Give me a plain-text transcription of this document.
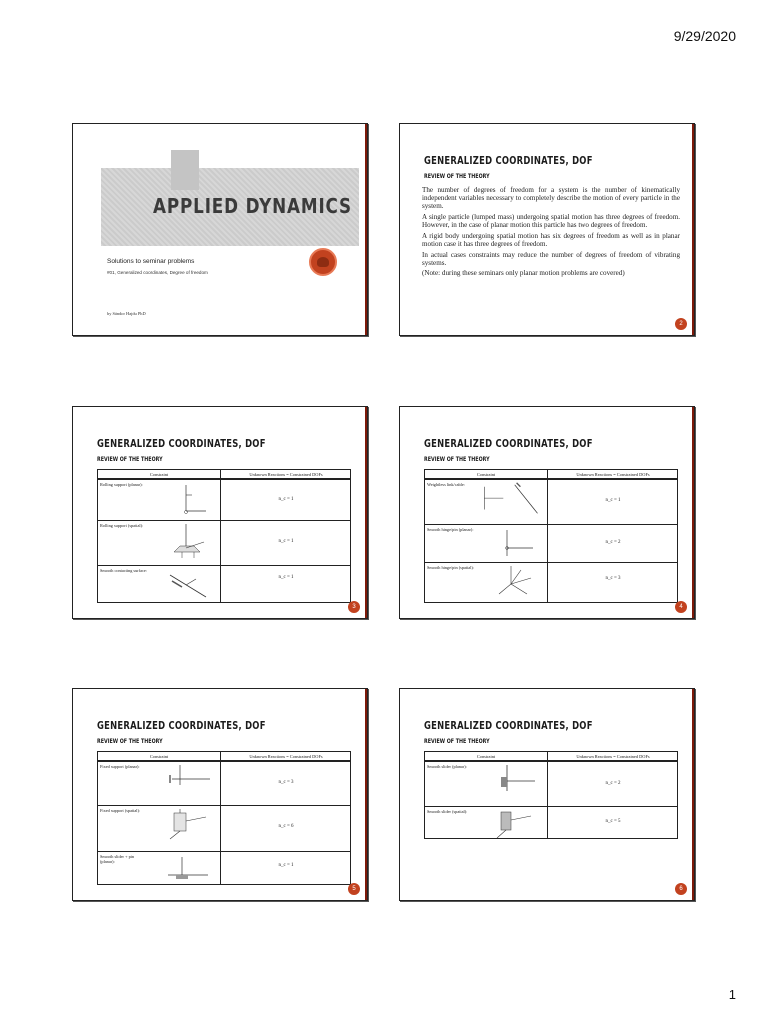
9/29/2020
APPLIED DYNAMICS
Solutions to seminar problems
#01, Generalized coordinates, Degree of freedom
by Sándor Hajdu PhD
GENERALIZED COORDINATES, DOF
REVIEW OF THE THEORY

The number of degrees of freedom for a system is the number of kinematically independent variables necessary to completely describe the motion of every particle in the system.

A single particle (lumped mass) undergoing spatial motion has three degrees of freedom. However, in the case of planar motion this particle has two degrees of freedom.

A rigid body undergoing spatial motion has six degrees of freedom as well as in planar motion case it has three degrees of freedom.

In actual cases constraints may reduce the number of degrees of freedom of vibrating systems.

(Note: during these seminars only planar motion problems are covered)

2
GENERALIZED COORDINATES, DOF
REVIEW OF THE THEORY
Constraint	Unknown Reactions = Constrained DOFs
Rolling support (planar):
n_c = 1
Rolling support (spatial):
n_c = 1
Smooth contacting surface:
n_c = 1
3
GENERALIZED COORDINATES, DOF
REVIEW OF THE THEORY
Constraint	Unknown Reactions = Constrained DOFs
Weightless link/cable:
n_c = 1
Smooth hinge/pin (planar):
n_c = 2
Smooth hinge/pin (spatial):
n_c = 3
4
GENERALIZED COORDINATES, DOF
REVIEW OF THE THEORY
Constraint	Unknown Reactions = Constrained DOFs
Fixed support (planar):
n_c = 3
Fixed support (spatial):
n_c = 6
Smooth slider + pin (planar):
n_c = 1
5
GENERALIZED COORDINATES, DOF
REVIEW OF THE THEORY
Constraint	Unknown Reactions = Constrained DOFs
Smooth slider (planar):
n_c = 2
Smooth slider (spatial):
n_c = 5
6
1
